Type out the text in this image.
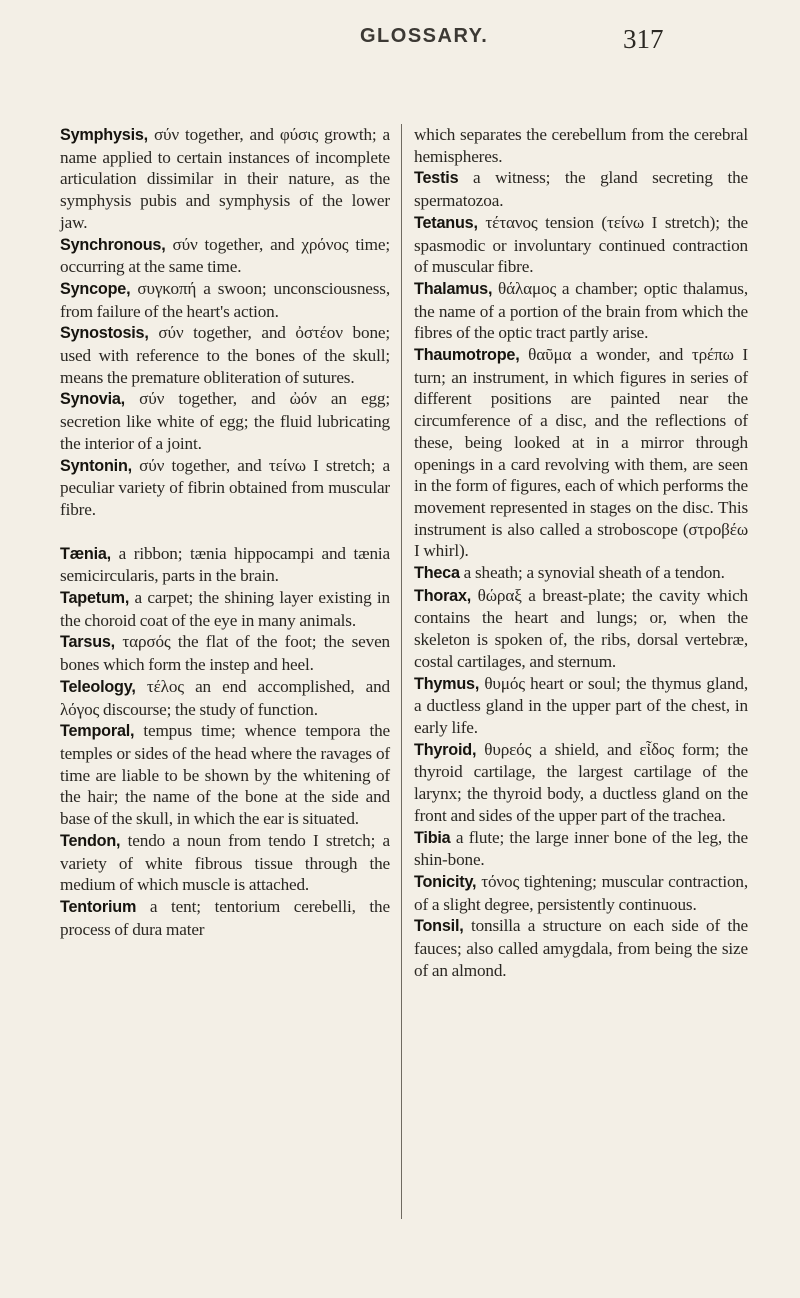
GLOSSARY.	317

Symphysis, σύν together, and φύσις growth; a name applied to certain instances of incomplete articulation dissimilar in their nature, as the symphysis pubis and symphysis of the lower jaw.

Synchronous, σύν together, and χρόνος time; occurring at the same time.

Syncope, συγκοπή a swoon; unconsciousness, from failure of the heart's action.

Synostosis, σύν together, and ὀστέον bone; used with reference to the bones of the skull; means the premature obliteration of sutures.

Synovia, σύν together, and ὠόν an egg; secretion like white of egg; the fluid lubricating the interior of a joint.

Syntonin, σύν together, and τείνω I stretch; a peculiar variety of fibrin obtained from muscular fibre.

Tænia, a ribbon; tænia hippocampi and tænia semicircularis, parts in the brain.

Tapetum, a carpet; the shining layer existing in the choroid coat of the eye in many animals.

Tarsus, ταρσός the flat of the foot; the seven bones which form the instep and heel.

Teleology, τέλος an end accomplished, and λόγος discourse; the study of function.

Temporal, tempus time; whence tempora the temples or sides of the head where the ravages of time are liable to be shown by the whitening of the hair; the name of the bone at the side and base of the skull, in which the ear is situated.

Tendon, tendo a noun from tendo I stretch; a variety of white fibrous tissue through the medium of which muscle is attached.

Tentorium a tent; tentorium cerebelli, the process of dura mater

which separates the cerebellum from the cerebral hemispheres.

Testis a witness; the gland secreting the spermatozoa.

Tetanus, τέτανος tension (τείνω I stretch); the spasmodic or involuntary continued contraction of muscular fibre.

Thalamus, θάλαμος a chamber; optic thalamus, the name of a portion of the brain from which the fibres of the optic tract partly arise.

Thaumotrope, θαῦμα a wonder, and τρέπω I turn; an instrument, in which figures in series of different positions are painted near the circumference of a disc, and the reflections of these, being looked at in a mirror through openings in a card revolving with them, are seen in the form of figures, each of which performs the movement represented in stages on the disc. This instrument is also called a stroboscope (στροβέω I whirl).

Theca a sheath; a synovial sheath of a tendon.

Thorax, θώραξ a breast-plate; the cavity which contains the heart and lungs; or, when the skeleton is spoken of, the ribs, dorsal vertebræ, costal cartilages, and sternum.

Thymus, θυμός heart or soul; the thymus gland, a ductless gland in the upper part of the chest, in early life.

Thyroid, θυρεός a shield, and εἶδος form; the thyroid cartilage, the largest cartilage of the larynx; the thyroid body, a ductless gland on the front and sides of the upper part of the trachea.

Tibia a flute; the large inner bone of the leg, the shin-bone.

Tonicity, τόνος tightening; muscular contraction, of a slight degree, persistently continuous.

Tonsil, tonsilla a structure on each side of the fauces; also called amygdala, from being the size of an almond.
